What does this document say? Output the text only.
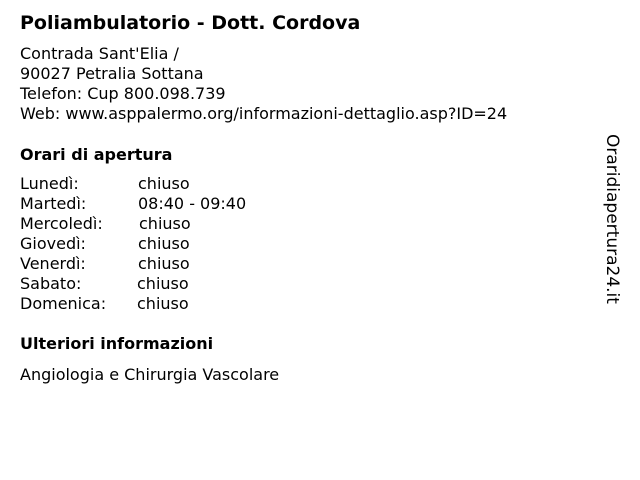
Poliambulatorio - Dott. Cordova
Contrada Sant'Elia /
90027 Petralia Sottana
Telefon: Cup 800.098.739
Web: www.asppalermo.org/informazioni-dettaglio.asp?ID=24
Orari di apertura
Lunedì:	chiuso
Martedì:	08:40 - 09:40
Mercoledì: chiuso
Giovedì:	chiuso
Venerdì:	chiuso
Sabato:	chiuso
Domenica: chiuso
Ulteriori informazioni
Angiologia e Chirurgia Vascolare
Oraridiapertura24.it
